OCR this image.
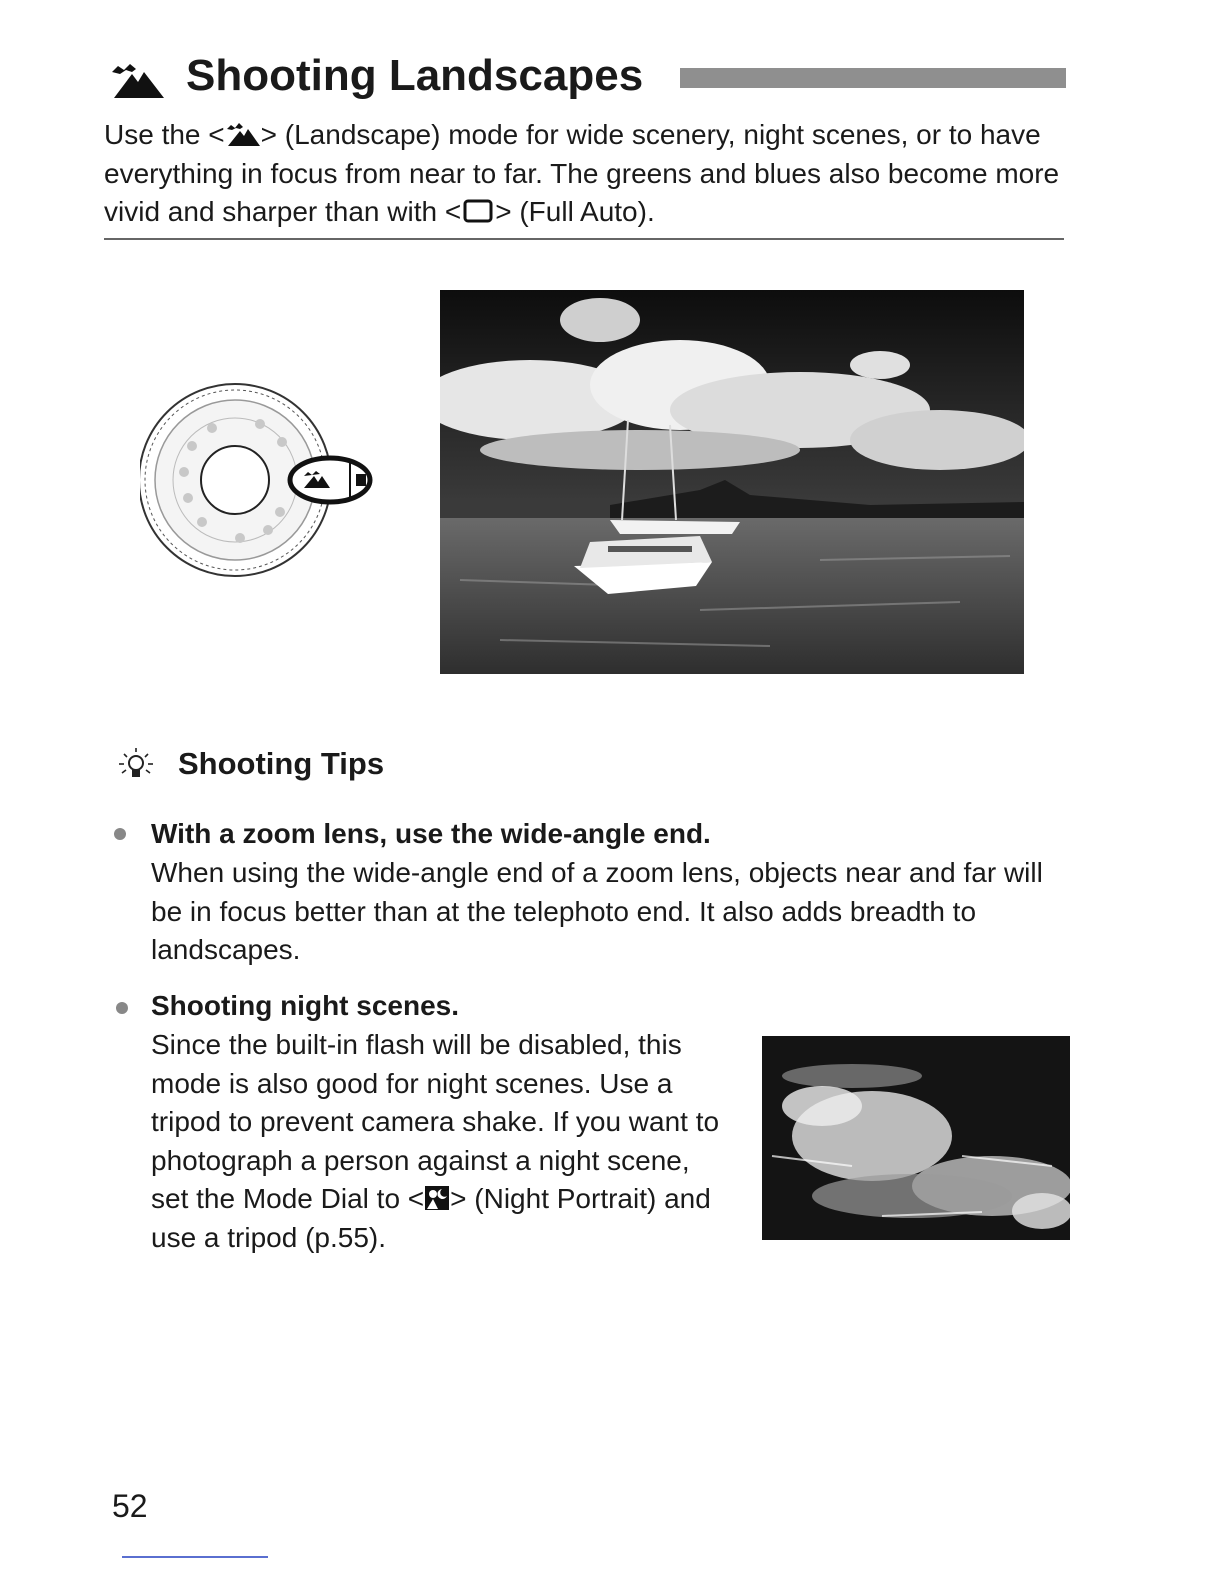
Shooting Landscapes
Use the < > (Landscape) mode for wide scenery, night scenes, or to have everything in focus from near to far. The greens and blues also become more vivid and sharper than with < > (Full Auto).
Shooting Tips
With a zoom lens, use the wide-angle end.
When using the wide-angle end of a zoom lens, objects near and far will be in focus better than at the telephoto end. It also adds breadth to landscapes.
Shooting night scenes.
Since the built-in flash will be disabled, this mode is also good for night scenes. Use a tripod to prevent camera shake. If you want to photograph a person against a night scene, set the Mode Dial to < > (Night Portrait) and use a tripod (p.55).
52
